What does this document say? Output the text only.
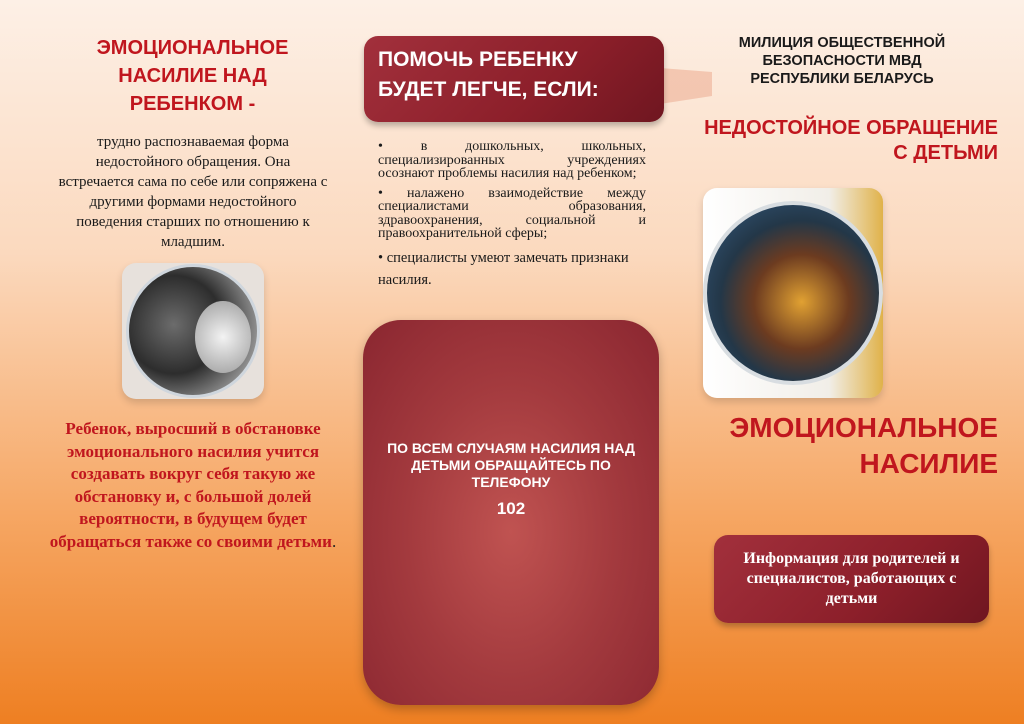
ЭМОЦИОНАЛЬНОЕ НАСИЛИЕ НАД РЕБЕНКОМ -
трудно распознаваемая форма недостойного обращения. Она встречается сама по себе или сопряжена с другими формами недостойного поведения старших по отношению к младшим.
Ребенок, выросший в обстановке эмоционального насилия учится создавать вокруг себя такую же обстановку и, с большой долей вероятности, в будущем будет обращаться также со своими детьми.
ПОМОЧЬ РЕБЕНКУ БУДЕТ ЛЕГЧЕ, ЕСЛИ:
• в дошкольных, школьных, специализированных учреждениях осознают проблемы насилия над ребенком;
• налажено взаимодействие между специалистами образования, здравоохранения, социальной и правоохранительной сферы;
• специалисты умеют замечать признаки насилия.
ПО ВСЕМ СЛУЧАЯМ НАСИЛИЯ НАД ДЕТЬМИ ОБРАЩАЙТЕСЬ ПО ТЕЛЕФОНУ
102
МИЛИЦИЯ ОБЩЕСТВЕННОЙ БЕЗОПАСНОСТИ МВД РЕСПУБЛИКИ БЕЛАРУСЬ
НЕДОСТОЙНОЕ ОБРАЩЕНИЕ С ДЕТЬМИ
ЭМОЦИОНАЛЬНОЕ НАСИЛИЕ
Информация для родителей и специалистов, работающих с детьми
